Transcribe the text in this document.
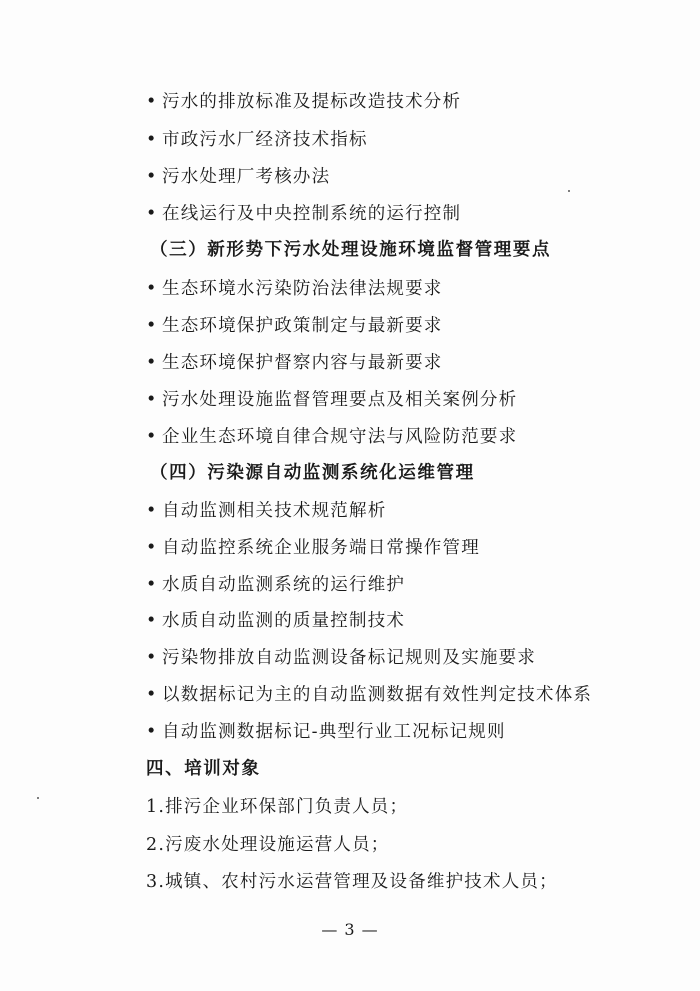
• 污水的排放标准及提标改造技术分析
• 市政污水厂经济技术指标
• 污水处理厂考核办法
• 在线运行及中央控制系统的运行控制
（三）新形势下污水处理设施环境监督管理要点
• 生态环境水污染防治法律法规要求
• 生态环境保护政策制定与最新要求
• 生态环境保护督察内容与最新要求
• 污水处理设施监督管理要点及相关案例分析
• 企业生态环境自律合规守法与风险防范要求
（四）污染源自动监测系统化运维管理
• 自动监测相关技术规范解析
• 自动监控系统企业服务端日常操作管理
• 水质自动监测系统的运行维护
• 水质自动监测的质量控制技术
• 污染物排放自动监测设备标记规则及实施要求
• 以数据标记为主的自动监测数据有效性判定技术体系
• 自动监测数据标记-典型行业工况标记规则
四、培训对象
1.排污企业环保部门负责人员；
2.污废水处理设施运营人员；
3.城镇、农村污水运营管理及设备维护技术人员；
— 3 —
